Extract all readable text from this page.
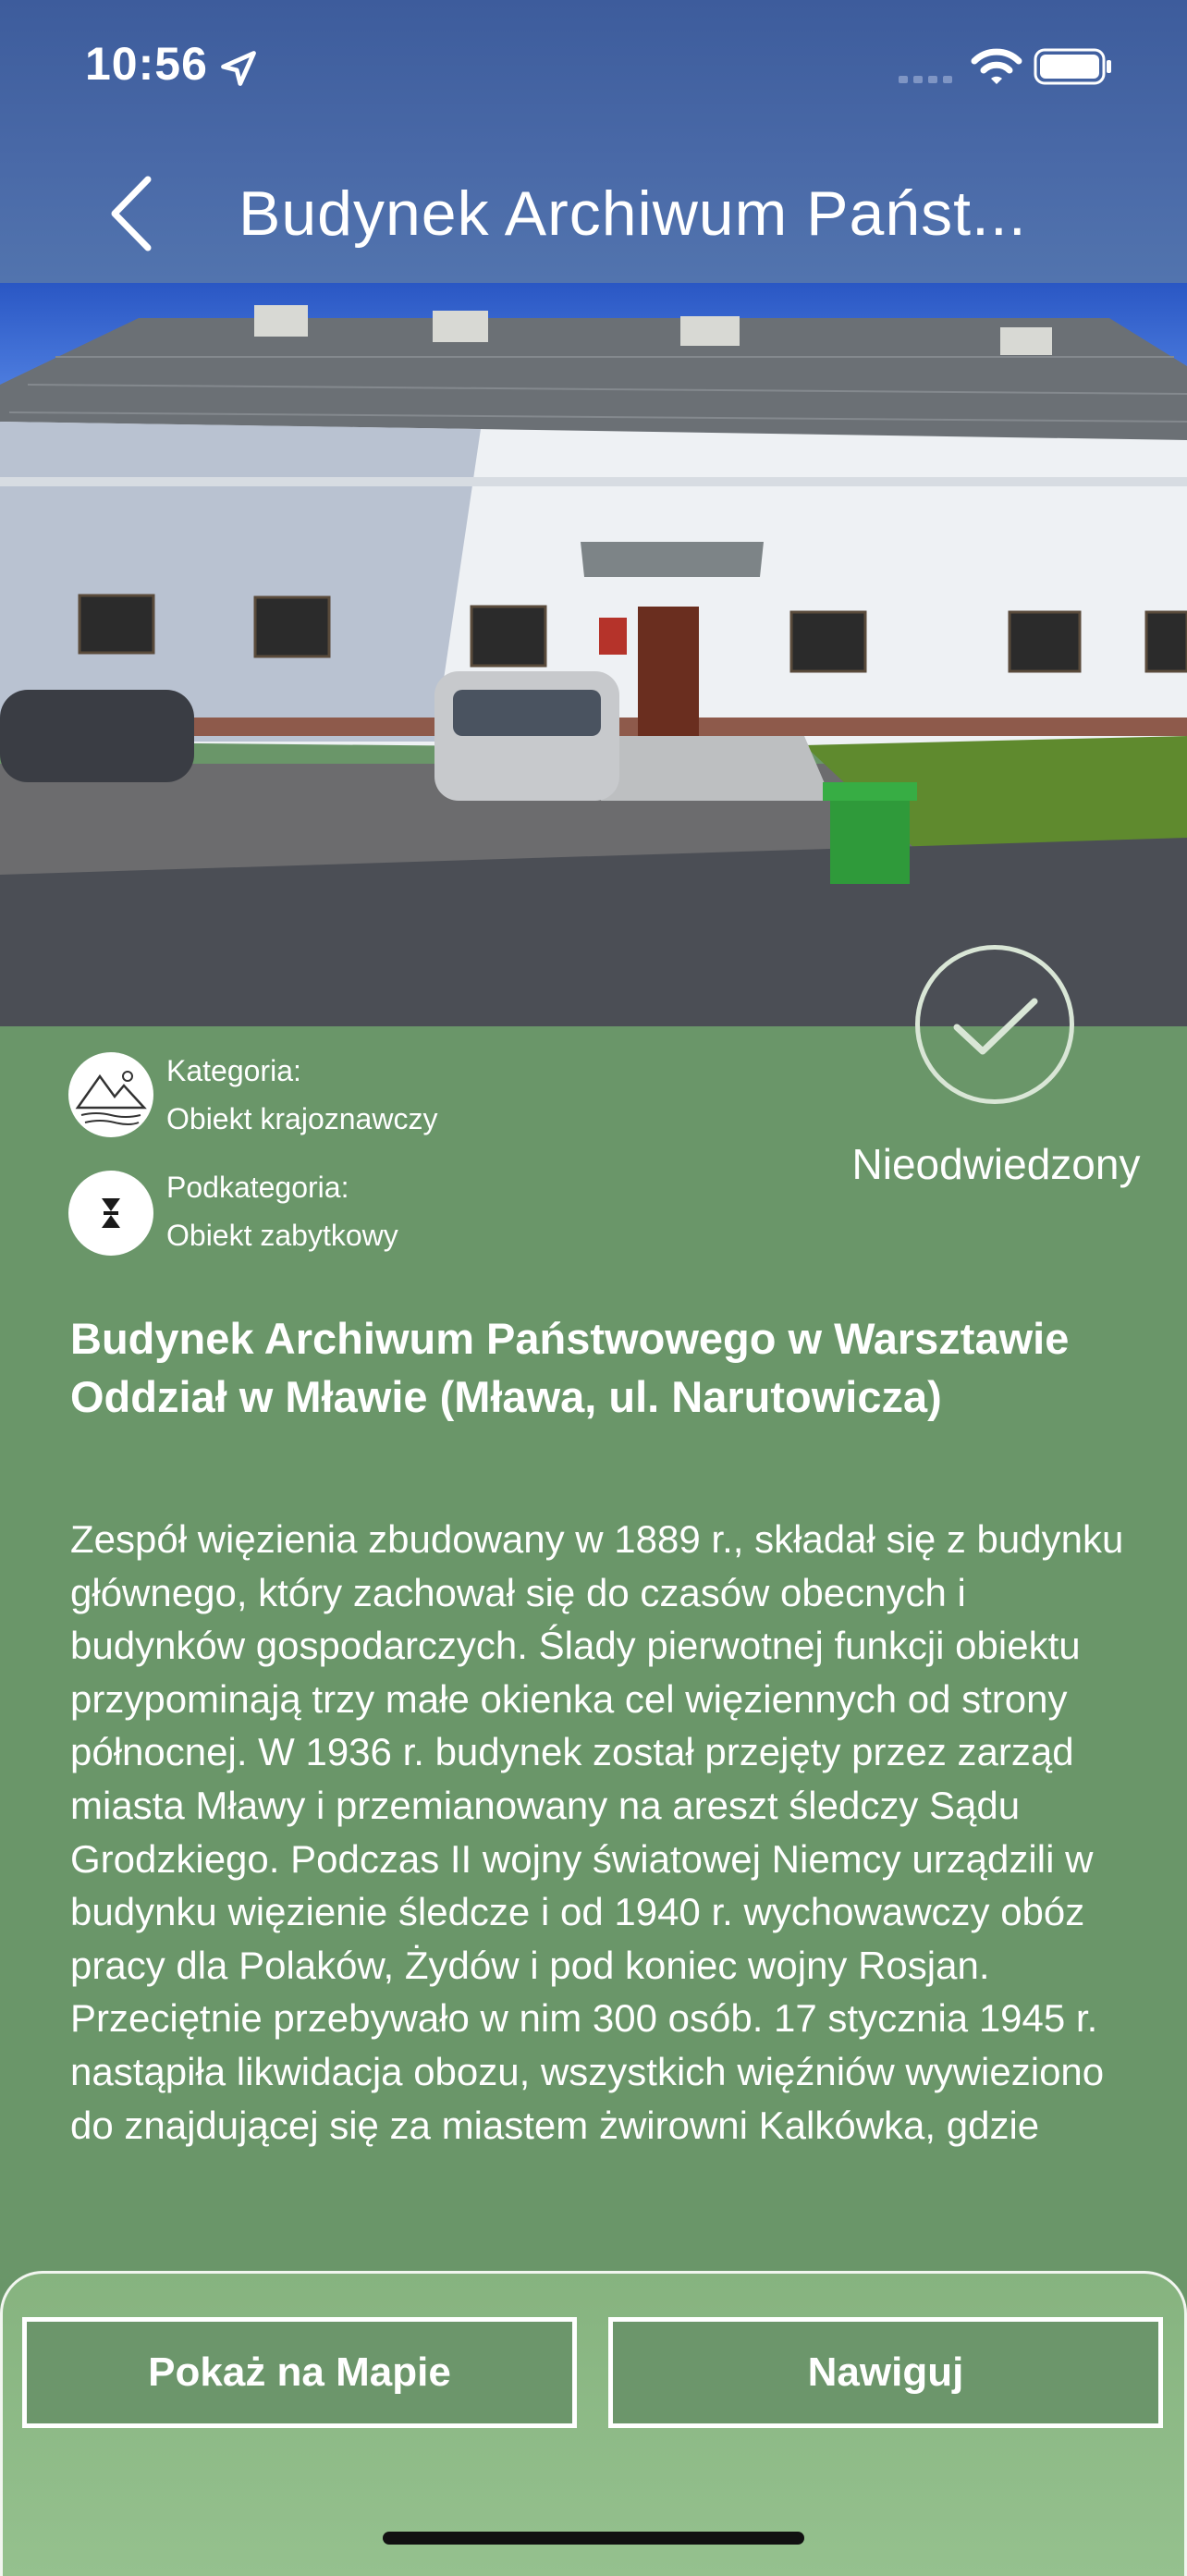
10:56
Budynek Archiwum Państ...
Kategoria:
Obiekt krajoznawczy
Podkategoria:
Obiekt zabytkowy
Nieodwiedzony
Budynek Archiwum Państwowego w Warsztawie Oddział w Mławie (Mława, ul. Narutowicza)
Zespół więzienia zbudowany w 1889 r., składał się z budynku głównego, który zachował się do czasów obecnych i budynków gospodarczych. Ślady pierwotnej funkcji obiektu przypominają trzy małe okienka cel więziennych od strony północnej. W 1936 r. budynek został przejęty przez zarząd miasta Mławy i przemianowany na areszt śledczy Sądu Grodzkiego. Podczas II wojny światowej Niemcy urządzili w budynku więzienie śledcze i od 1940 r. wychowawczy obóz pracy dla Polaków, Żydów i pod koniec wojny Rosjan. Przeciętnie przebywało w nim 300 osób. 17 stycznia 1945 r. nastąpiła likwidacja obozu, wszystkich więźniów wywieziono do znajdującej się za miastem żwirowni Kalkówka, gdzie
Pokaż na Mapie	Nawiguj
